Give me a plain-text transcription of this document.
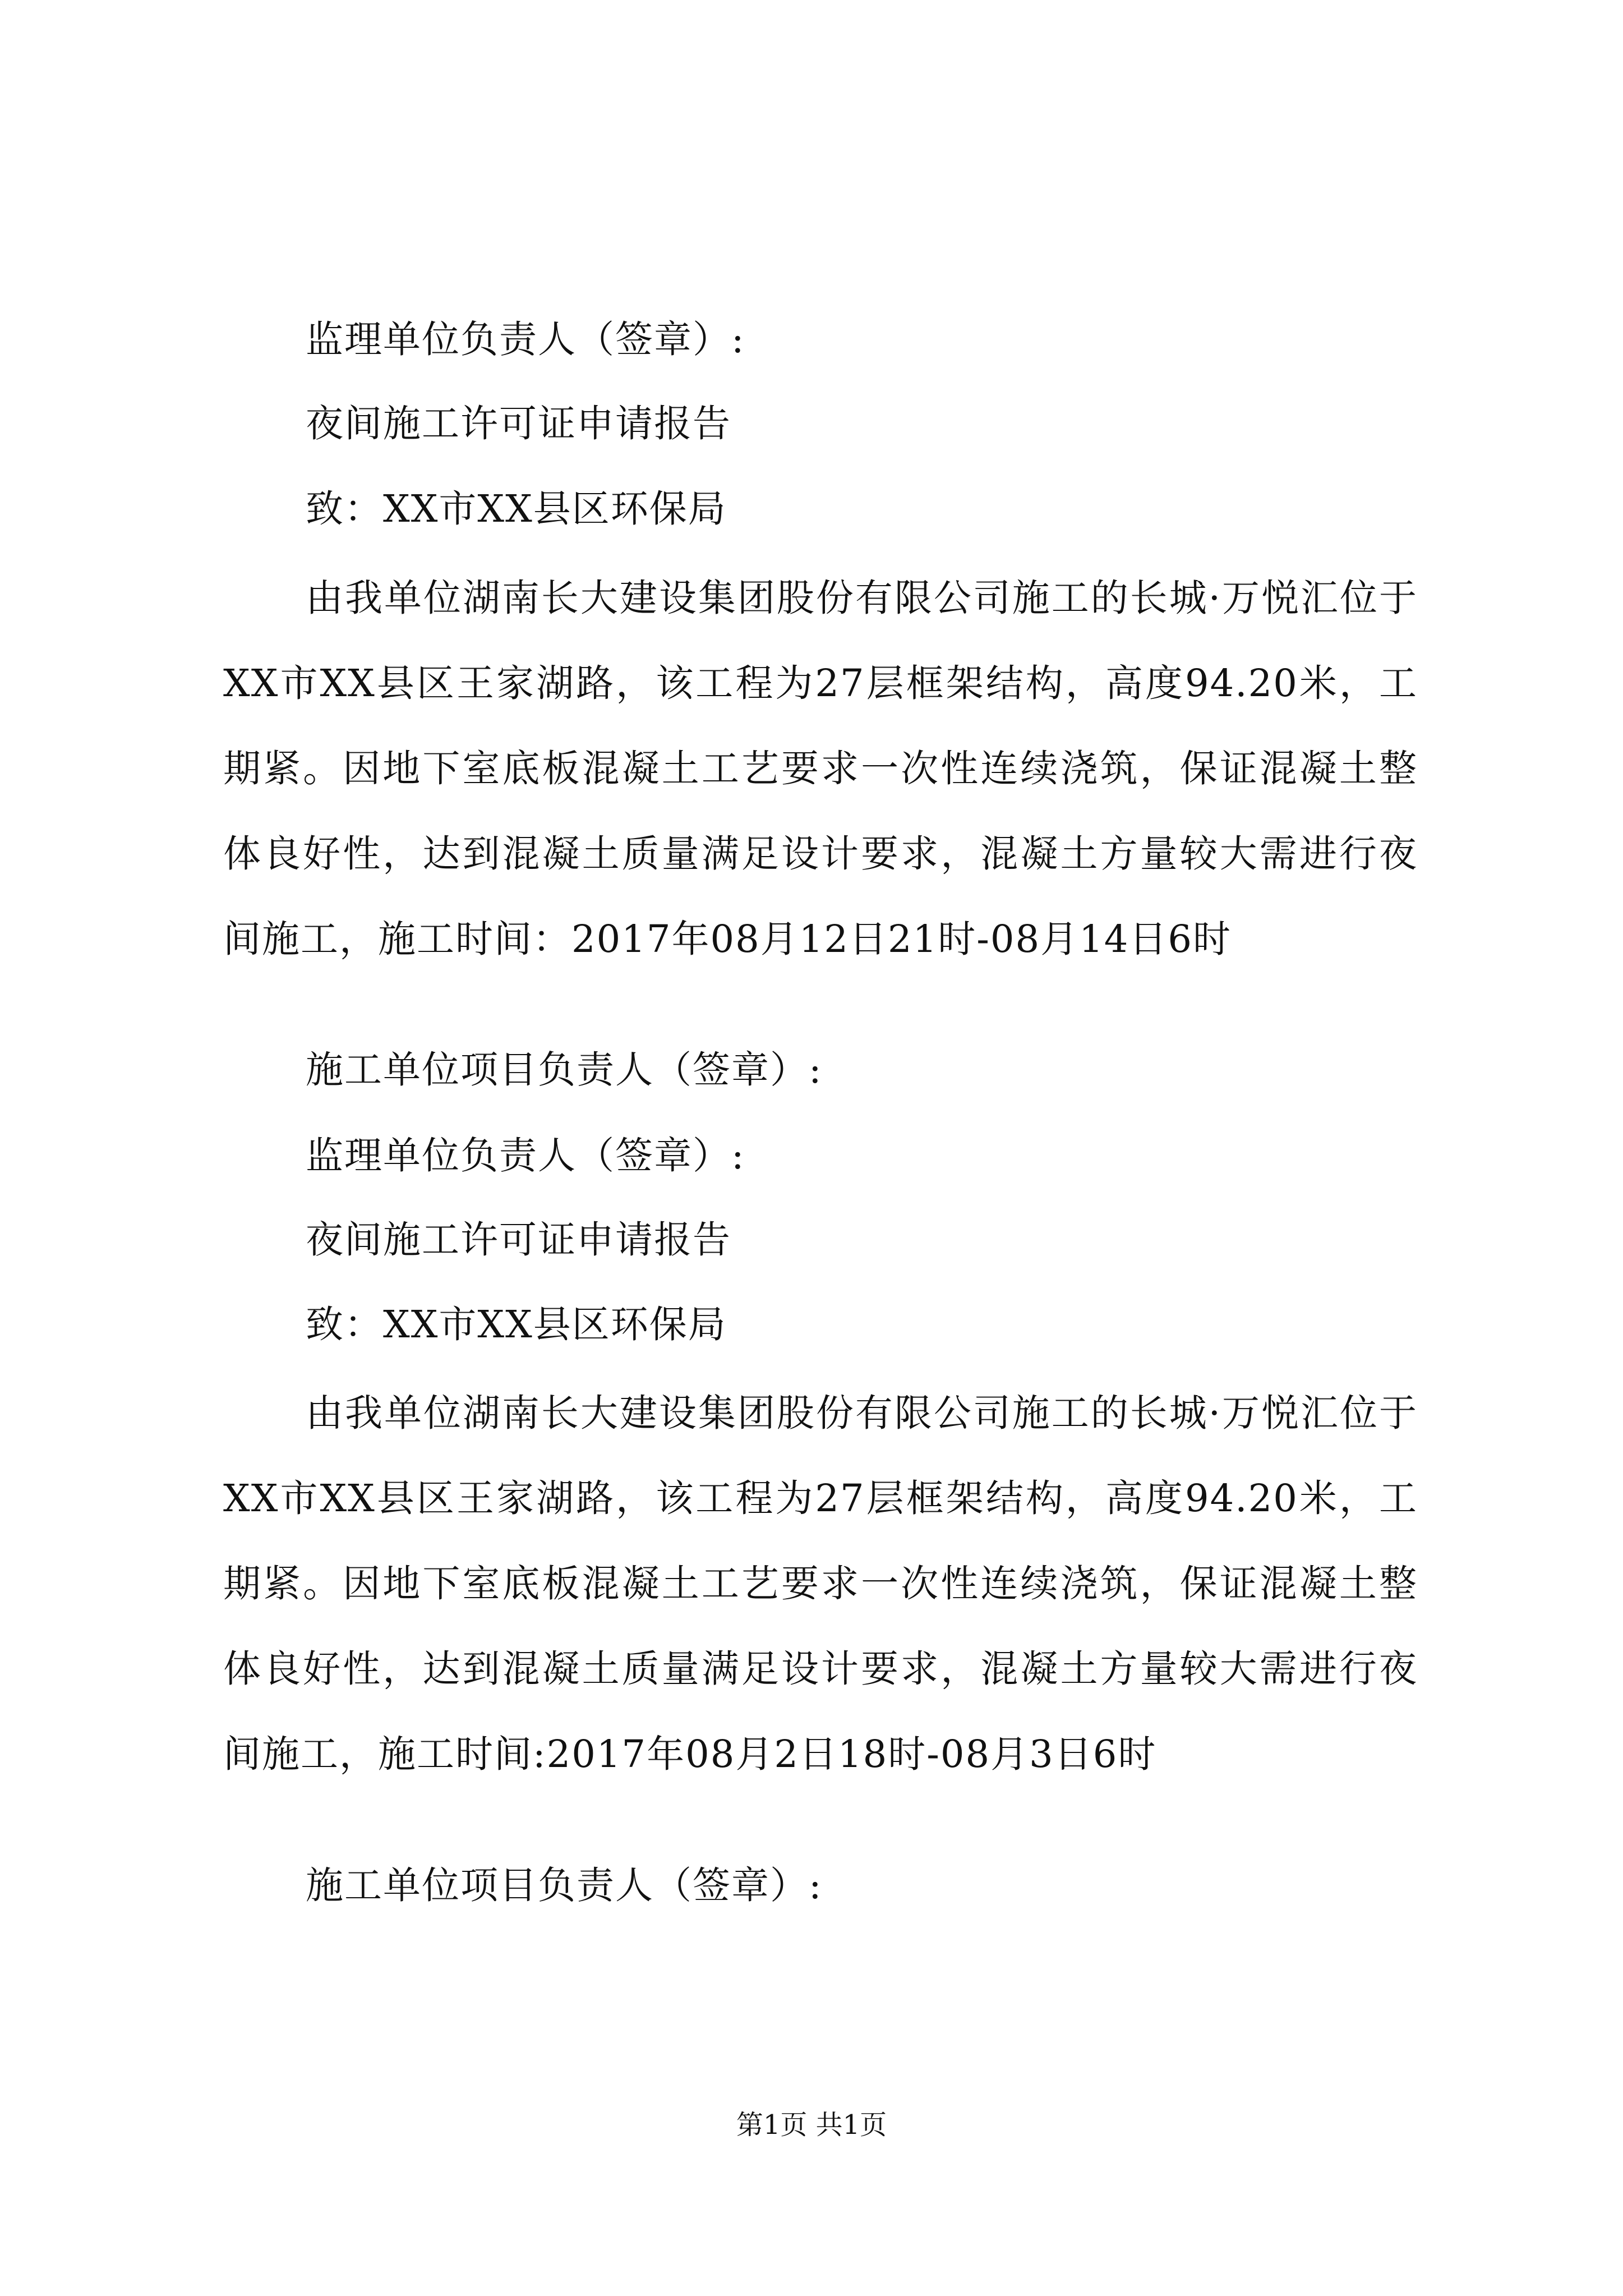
监理单位负责人（签章）:
夜间施工许可证申请报告
致：XX市XX县区环保局
由我单位湖南长大建设集团股份有限公司施工的长城·万悦汇位于XX市XX县区王家湖路，该工程为27层框架结构，高度94.20米，工期紧。因地下室底板混凝土工艺要求一次性连续浇筑，保证混凝土整体良好性，达到混凝土质量满足设计要求，混凝土方量较大需进行夜间施工，施工时间：2017年08月12日21时-08月14日6时
施工单位项目负责人（签章）:
监理单位负责人（签章）:
夜间施工许可证申请报告
致：XX市XX县区环保局
由我单位湖南长大建设集团股份有限公司施工的长城·万悦汇位于XX市XX县区王家湖路，该工程为27层框架结构，高度94.20米，工期紧。因地下室底板混凝土工艺要求一次性连续浇筑，保证混凝土整体良好性，达到混凝土质量满足设计要求，混凝土方量较大需进行夜间施工，施工时间:2017年08月2日18时-08月3日6时
施工单位项目负责人（签章）:
第1页 共1页
